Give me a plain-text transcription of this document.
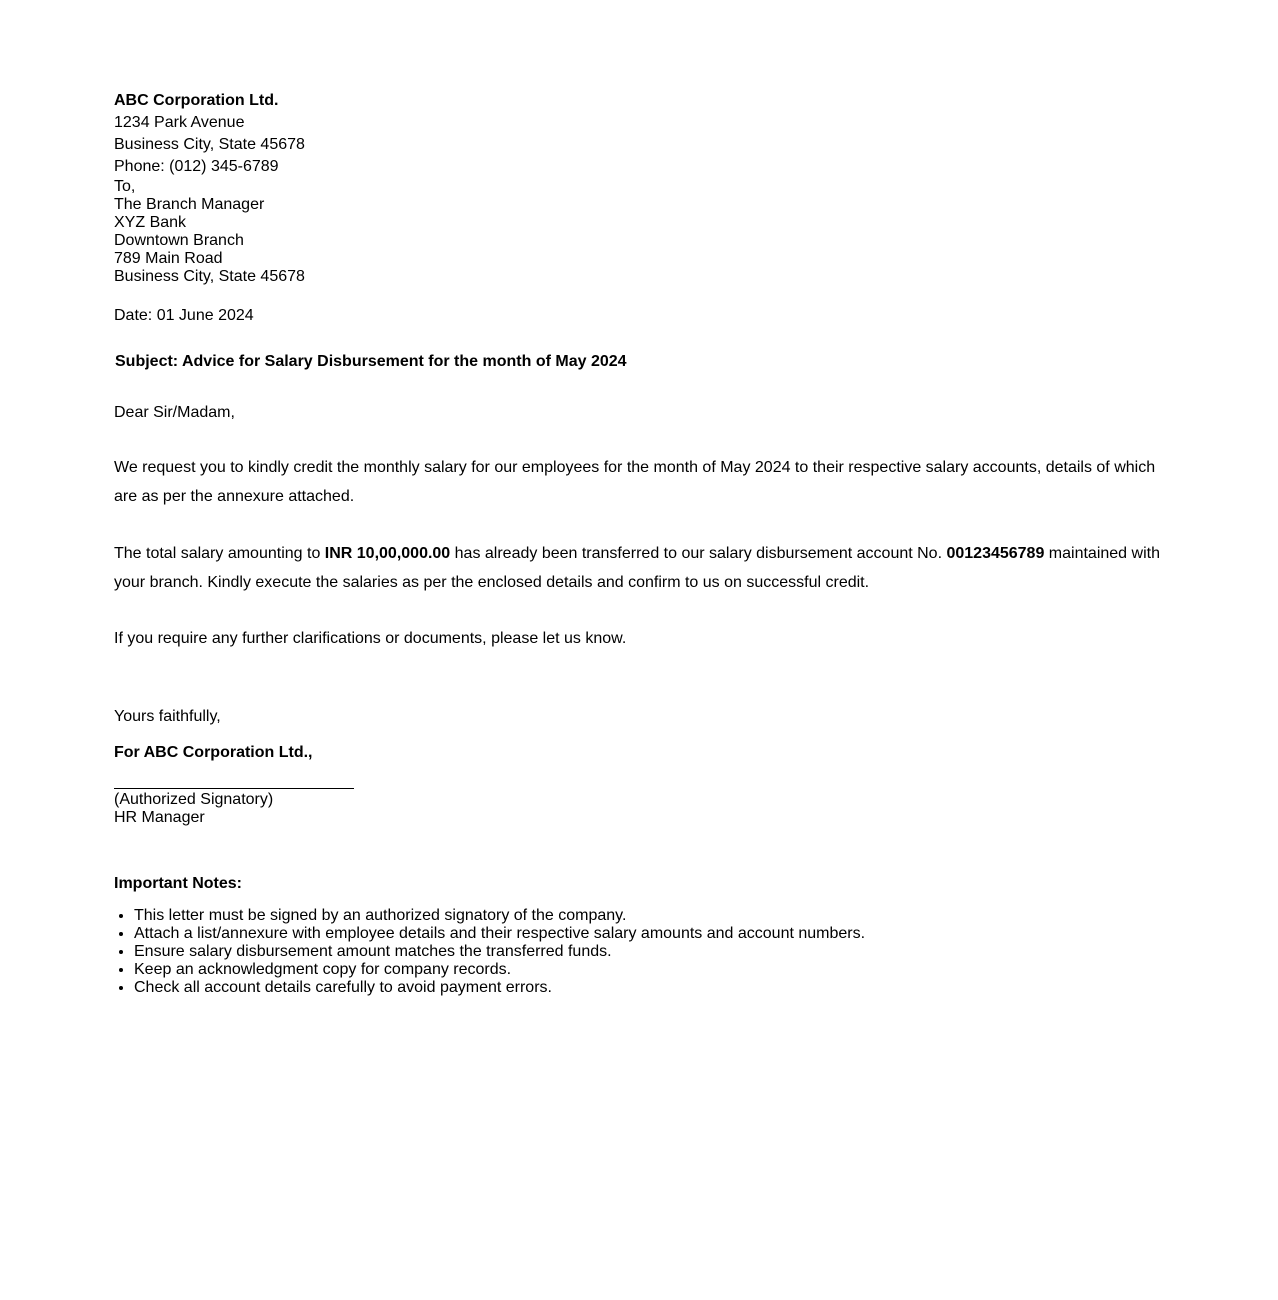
ABC Corporation Ltd.
1234 Park Avenue
Business City, State 45678
Phone: (012) 345-6789
To,
The Branch Manager
XYZ Bank
Downtown Branch
789 Main Road
Business City, State 45678
Date: 01 June 2024
Subject: Advice for Salary Disbursement for the month of May 2024
Dear Sir/Madam,

We request you to kindly credit the monthly salary for our employees for the month of May 2024 to their respective salary accounts, details of which are as per the annexure attached.

The total salary amounting to INR 10,00,000.00 has already been transferred to our salary disbursement account No. 00123456789 maintained with your branch. Kindly execute the salaries as per the enclosed details and confirm to us on successful credit.

If you require any further clarifications or documents, please let us know.

Yours faithfully,
For ABC Corporation Ltd.,
(Authorized Signatory)
HR Manager
Important Notes:
• This letter must be signed by an authorized signatory of the company.
• Attach a list/annexure with employee details and their respective salary amounts and account numbers.
• Ensure salary disbursement amount matches the transferred funds.
• Keep an acknowledgment copy for company records.
• Check all account details carefully to avoid payment errors.
